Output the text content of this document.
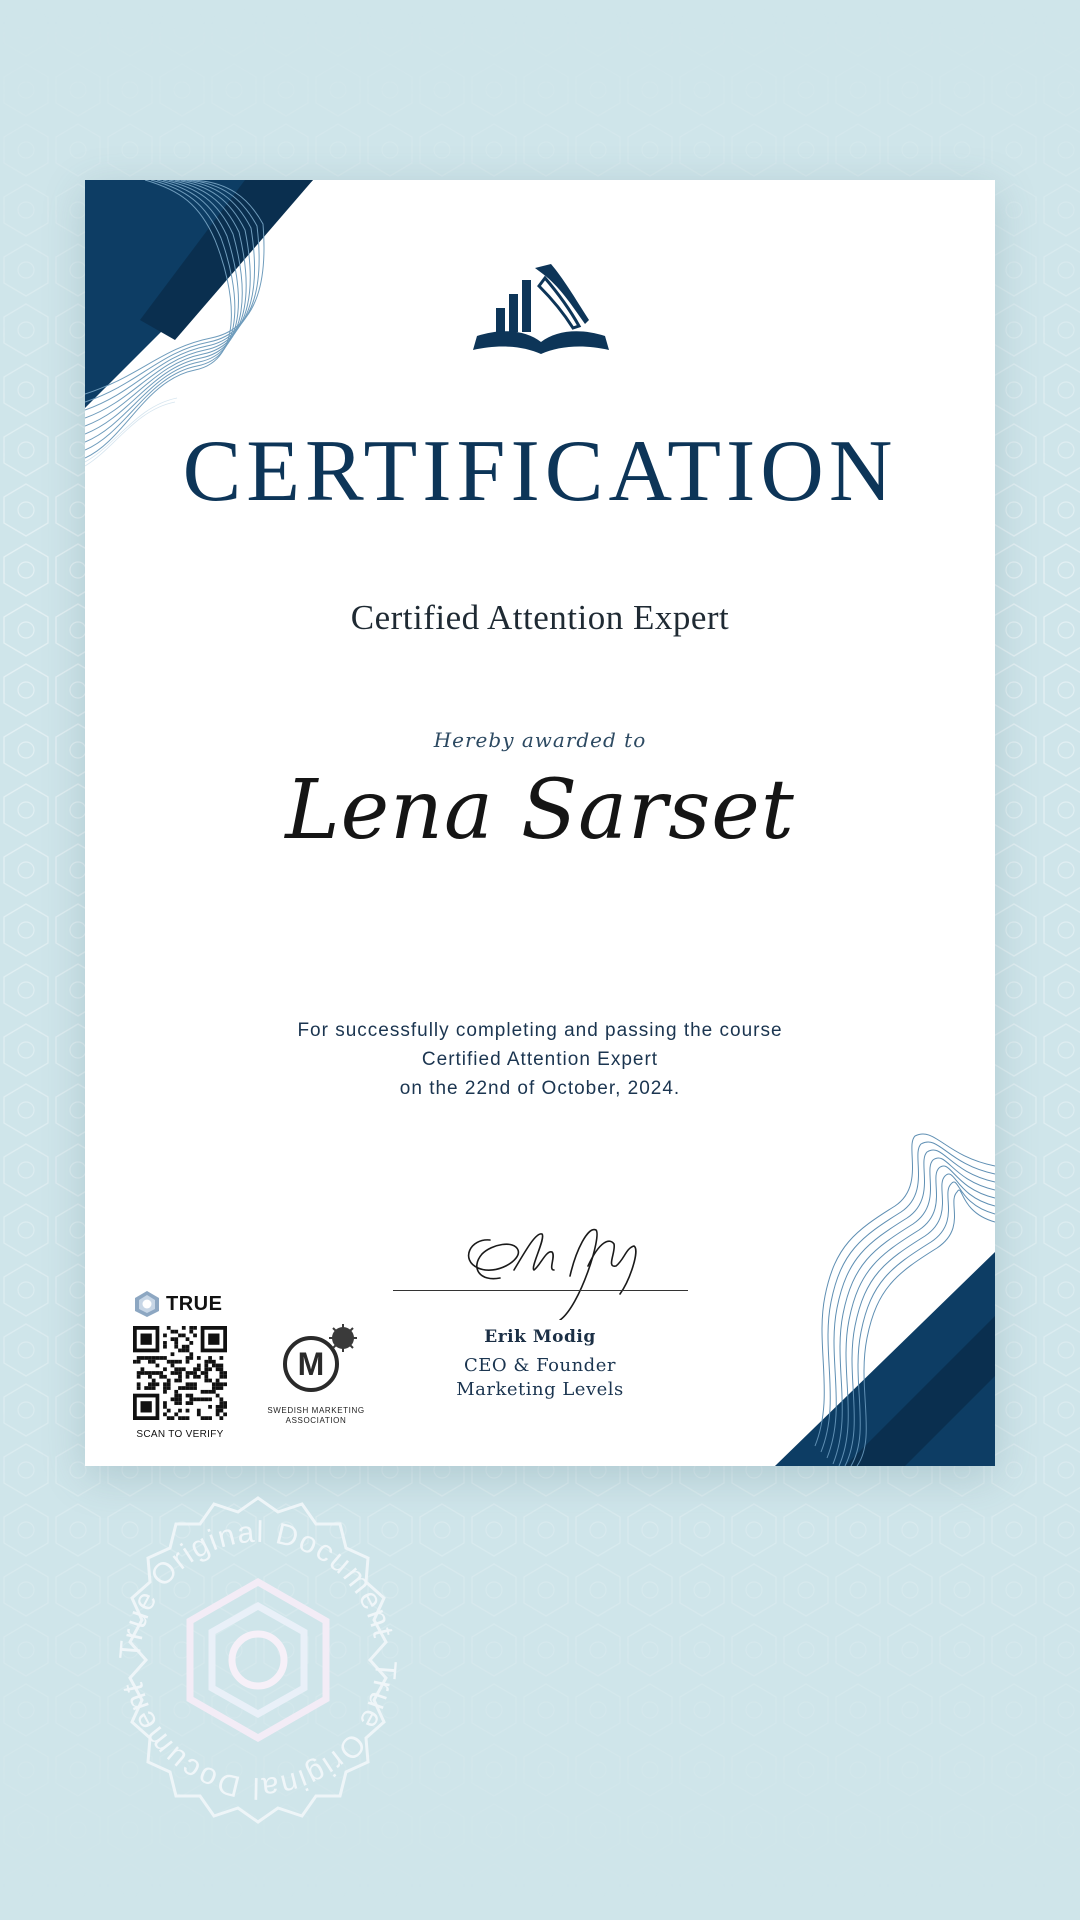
CERTIFICATION
Certified Attention Expert
Hereby awarded to
Lena Sarset
For successfully completing and passing the course
Certified Attention Expert
on the 22nd of October, 2024.
Erik Modig
CEO & Founder
Marketing Levels
TRUE
SCAN TO VERIFY
M
SWEDISH MARKETING
ASSOCIATION
True Original Document
True Original Document
